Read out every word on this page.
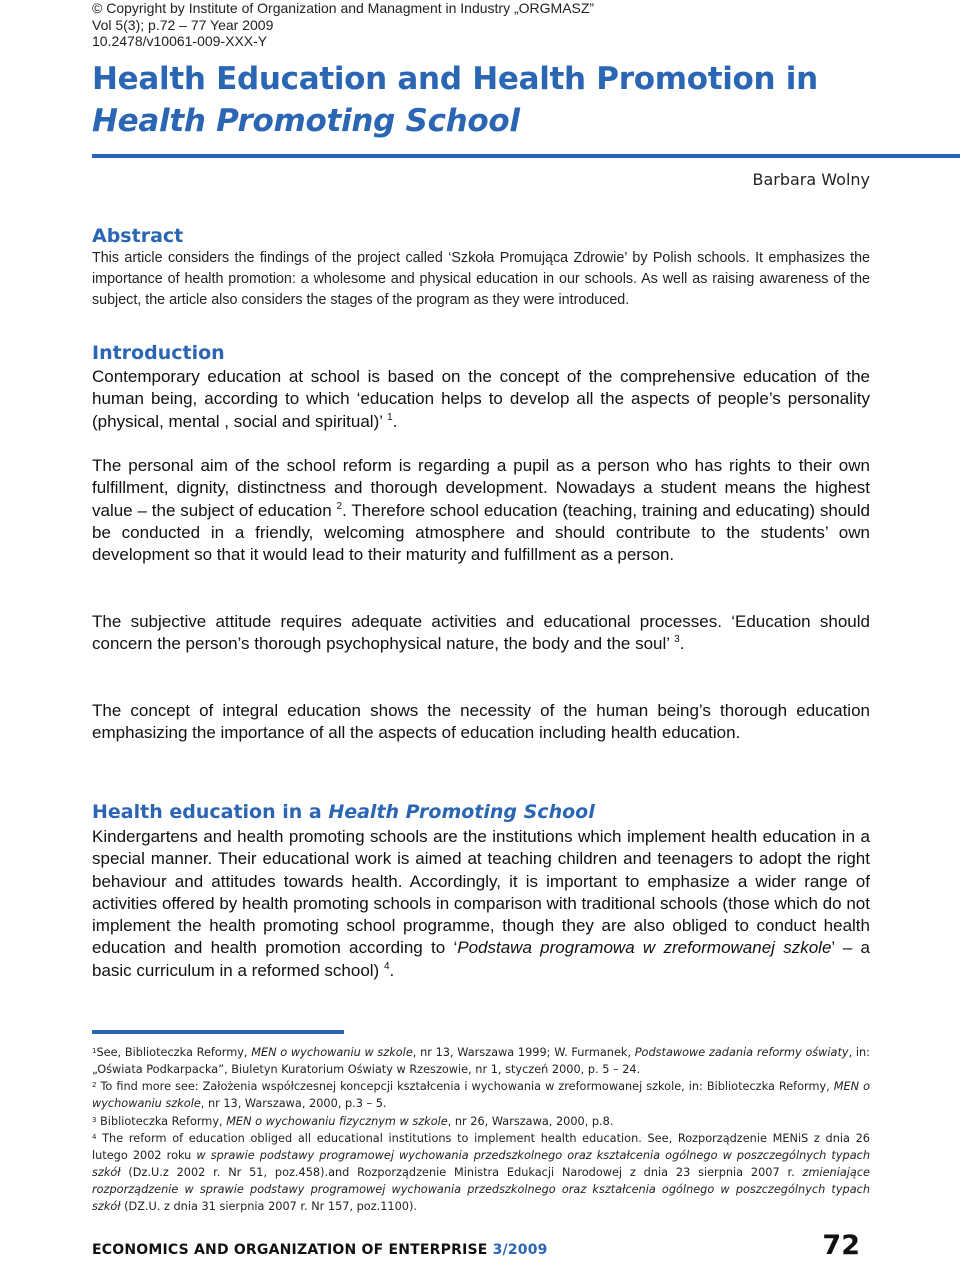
© Copyright by Institute of Organization and Managment in Industry „ORGMASZ”
Vol 5(3); p.72 – 77 Year 2009
10.2478/v10061-009-XXX-Y
Health Education and Health Promotion in
Health Promoting School
Barbara Wolny
Abstract
This article considers the findings of the project called ‘Szkoła Promująca Zdrowie’ by Polish schools. It emphasizes the importance of health promotion: a wholesome and physical education in our schools. As well as raising awareness of the subject, the article also considers the stages of the program as they were introduced.
Introduction
Contemporary education at school is based on the concept of the comprehensive education of the human being, according to which ‘education helps to develop all the aspects of people’s personality (physical, mental , social and spiritual)’ $^1$.
The personal aim of the school reform is regarding a pupil as a person who has rights to their own fulfillment, dignity, distinctness and thorough development. Nowadays a student means the highest value – the subject of education $^2$. Therefore school education (teaching, training and educating) should be conducted in a friendly, welcoming atmosphere and should contribute to the students’ own development so that it would lead to their maturity and fulfillment as a person.
The subjective attitude requires adequate activities and educational processes. ‘Education should concern the person’s thorough psychophysical nature, the body and the soul’ $^3$.
The concept of integral education shows the necessity of the human being’s thorough education emphasizing the importance of all the aspects of education including health education.
Health education in a Health Promoting School
Kindergartens and health promoting schools are the institutions which implement health education in a special manner. Their educational work is aimed at teaching children and teenagers to adopt the right behaviour and attitudes towards health. Accordingly, it is important to emphasize a wider range of activities offered by health promoting schools in comparison with traditional schools (those which do not implement the health promoting school programme, though they are also obliged to conduct health education and health promotion according to ‘Podstawa programowa w zreformowanej szkole’ – a basic curriculum in a reformed school) $^4$.
$^1$See, Biblioteczka Reformy, MEN o wychowaniu w szkole, nr 13, Warszawa 1999; W. Furmanek, Podstawowe zadania reformy oświaty, in: „Oświata Podkarpacka”, Biuletyn Kuratorium Oświaty w Rzeszowie, nr 1, styczeń 2000, p. 5 – 24.
$^2$ To find more see: Założenia współczesnej koncepcji kształcenia i wychowania w zreformowanej szkole, in: Biblioteczka Reformy, MEN o wychowaniu szkole, nr 13, Warszawa, 2000, p.3 – 5.
$^3$ Biblioteczka Reformy, MEN o wychowaniu fizycznym w szkole, nr 26, Warszawa, 2000, p.8.
$^4$ The reform of education obliged all educational institutions to implement health education. See, Rozporządzenie MENiS z dnia 26 lutego 2002 roku w sprawie podstawy programowej wychowania przedszkolnego oraz kształcenia ogólnego w poszczególnych typach szkół (Dz.U.z 2002 r. Nr 51, poz.458).and Rozporządzenie Ministra Edukacji Narodowej z dnia 23 sierpnia 2007 r. zmieniające rozporządzenie w sprawie podstawy programowej wychowania przedszkolnego oraz kształcenia ogólnego w poszczególnych typach szkół (DZ.U. z dnia 31 sierpnia 2007 r. Nr 157, poz.1100).
ECONOMICS AND ORGANIZATION OF ENTERPRISE 3/2009	72
